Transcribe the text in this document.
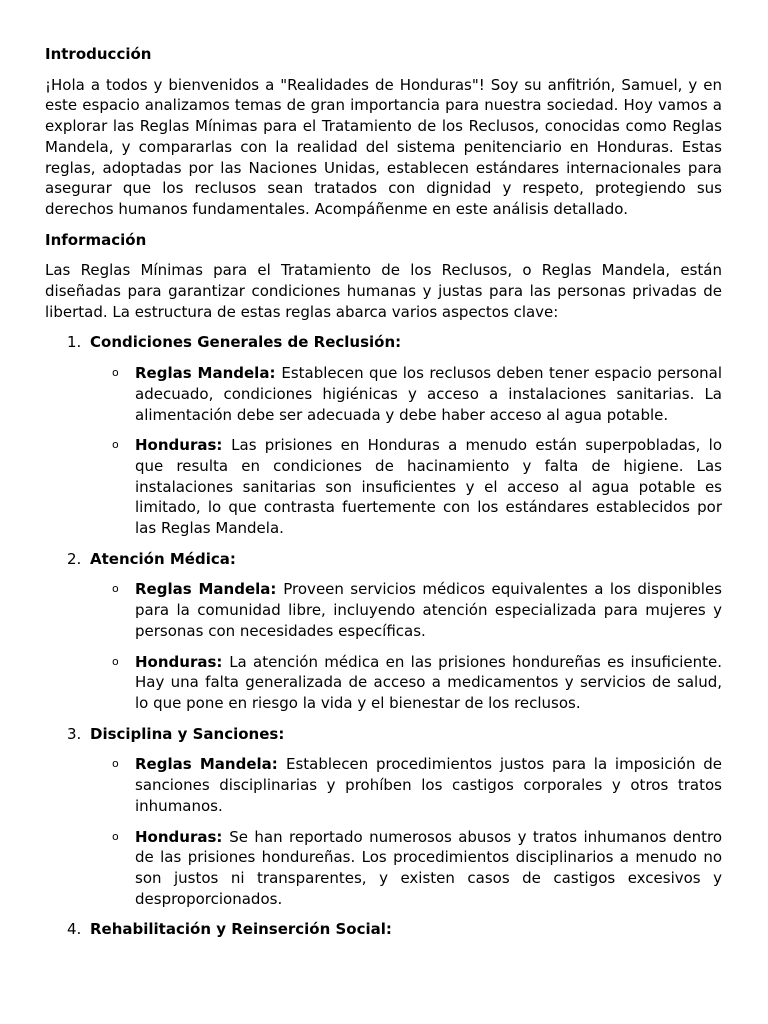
Introducción

¡Hola a todos y bienvenidos a "Realidades de Honduras"! Soy su anfitrión, Samuel, y en este espacio analizamos temas de gran importancia para nuestra sociedad. Hoy vamos a explorar las Reglas Mínimas para el Tratamiento de los Reclusos, conocidas como Reglas Mandela, y compararlas con la realidad del sistema penitenciario en Honduras. Estas reglas, adoptadas por las Naciones Unidas, establecen estándares internacionales para asegurar que los reclusos sean tratados con dignidad y respeto, protegiendo sus derechos humanos fundamentales. Acompáñenme en este análisis detallado.

Información

Las Reglas Mínimas para el Tratamiento de los Reclusos, o Reglas Mandela, están diseñadas para garantizar condiciones humanas y justas para las personas privadas de libertad. La estructura de estas reglas abarca varios aspectos clave:

1. Condiciones Generales de Reclusión:
o Reglas Mandela: Establecen que los reclusos deben tener espacio personal adecuado, condiciones higiénicas y acceso a instalaciones sanitarias. La alimentación debe ser adecuada y debe haber acceso al agua potable.
o Honduras: Las prisiones en Honduras a menudo están superpobladas, lo que resulta en condiciones de hacinamiento y falta de higiene. Las instalaciones sanitarias son insuficientes y el acceso al agua potable es limitado, lo que contrasta fuertemente con los estándares establecidos por las Reglas Mandela.
2. Atención Médica:
o Reglas Mandela: Proveen servicios médicos equivalentes a los disponibles para la comunidad libre, incluyendo atención especializada para mujeres y personas con necesidades específicas.
o Honduras: La atención médica en las prisiones hondureñas es insuficiente. Hay una falta generalizada de acceso a medicamentos y servicios de salud, lo que pone en riesgo la vida y el bienestar de los reclusos.
3. Disciplina y Sanciones:
o Reglas Mandela: Establecen procedimientos justos para la imposición de sanciones disciplinarias y prohíben los castigos corporales y otros tratos inhumanos.
o Honduras: Se han reportado numerosos abusos y tratos inhumanos dentro de las prisiones hondureñas. Los procedimientos disciplinarios a menudo no son justos ni transparentes, y existen casos de castigos excesivos y desproporcionados.
4. Rehabilitación y Reinserción Social:
